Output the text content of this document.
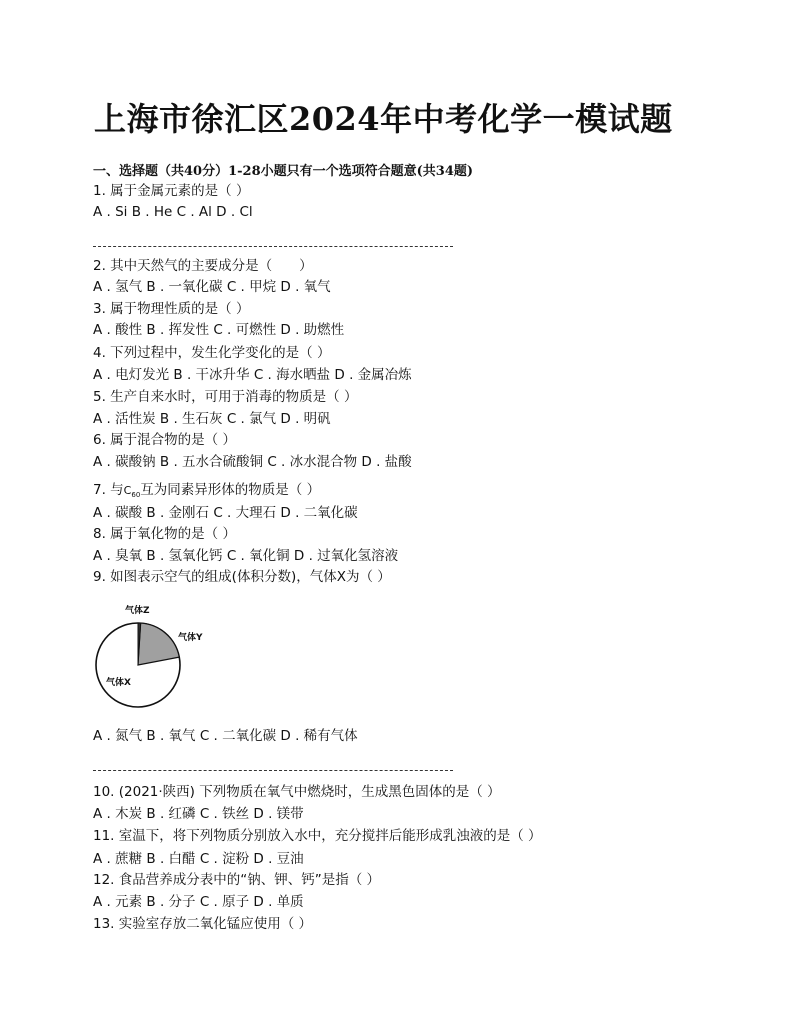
上海市徐汇区2024年中考化学一模试题
一、选择题（共40分）1-28小题只有一个选项符合题意(共34题)
1. 属于金属元素的是（ ）
A . Si B . He C . Al D . Cl
2. 其中天然气的主要成分是（　　）
A . 氢气 B . 一氧化碳 C . 甲烷 D . 氧气
3. 属于物理性质的是（ ）
A . 酸性 B . 挥发性 C . 可燃性 D . 助燃性
4. 下列过程中，发生化学变化的是（ ）
A . 电灯发光 B . 干冰升华 C . 海水晒盐 D . 金属冶炼
5. 生产自来水时，可用于消毒的物质是（ ）
A . 活性炭 B . 生石灰 C . 氯气 D . 明矾
6. 属于混合物的是（ ）
A . 碳酸钠 B . 五水合硫酸铜 C . 冰水混合物 D . 盐酸
7. 与$C_{60}$互为同素异形体的物质是（ ）
A . 碳酸 B . 金刚石 C . 大理石 D . 二氧化碳
8. 属于氧化物的是（ ）
A . 臭氧 B . 氢氧化钙 C . 氧化铜 D . 过氧化氢溶液
9. 如图表示空气的组成(体积分数)，气体X为（ ）
气体Z
气体Y
气体X
A . 氮气 B . 氧气 C . 二氧化碳 D . 稀有气体
10. (2021·陕西) 下列物质在氧气中燃烧时，生成黑色固体的是（ ）
A . 木炭 B . 红磷 C . 铁丝 D . 镁带
11. 室温下，将下列物质分别放入水中，充分搅拌后能形成乳浊液的是（ ）
A . 蔗糖 B . 白醋 C . 淀粉 D . 豆油
12. 食品营养成分表中的“钠、钾、钙”是指（ ）
A . 元素 B . 分子 C . 原子 D . 单质
13. 实验室存放二氧化锰应使用（ ）
